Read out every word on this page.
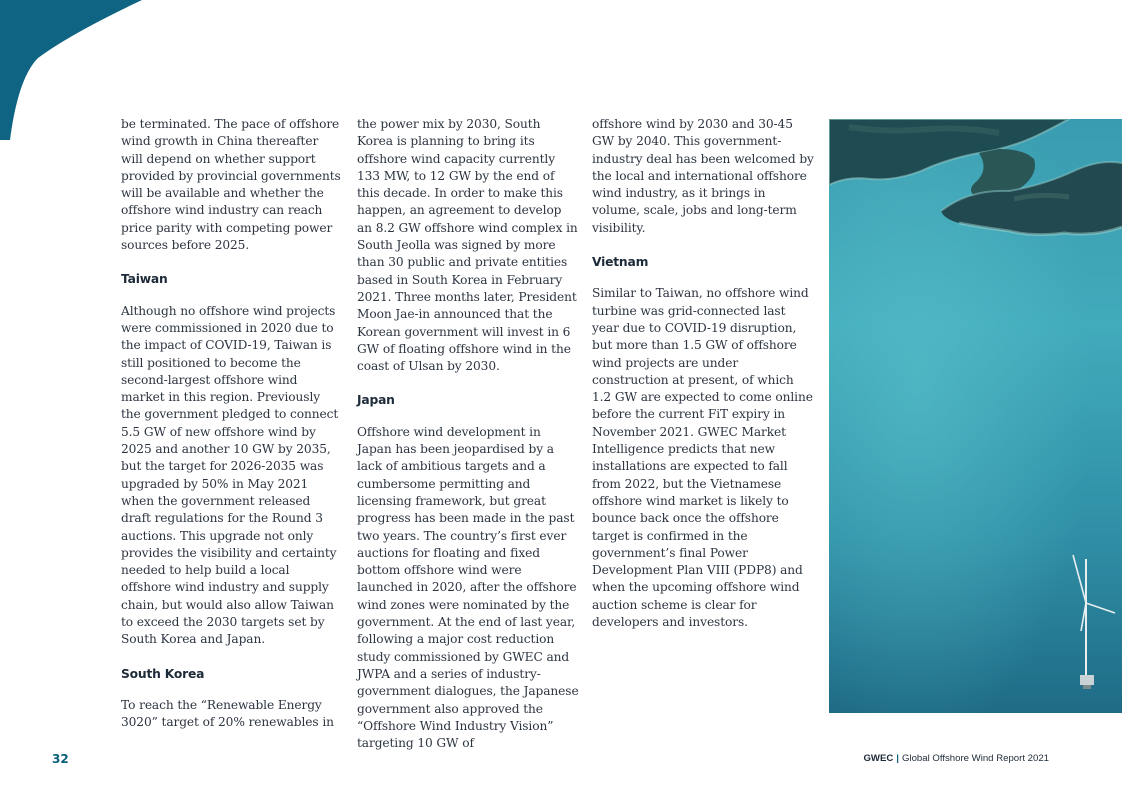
be terminated. The pace of offshore wind growth in China thereafter will depend on whether support provided by provincial governments will be available and whether the offshore wind industry can reach price parity with competing power sources before 2025.

Taiwan

Although no offshore wind projects were commissioned in 2020 due to the impact of COVID-19, Taiwan is still positioned to become the second-largest offshore wind market in this region. Previously the government pledged to connect 5.5 GW of new offshore wind by 2025 and another 10 GW by 2035, but the target for 2026-2035 was upgraded by 50% in May 2021 when the government released draft regulations for the Round 3 auctions. This upgrade not only provides the visibility and certainty needed to help build a local offshore wind industry and supply chain, but would also allow Taiwan to exceed the 2030 targets set by South Korea and Japan.

South Korea

To reach the “Renewable Energy 3020” target of 20% renewables in

the power mix by 2030, South Korea is planning to bring its offshore wind capacity currently 133 MW, to 12 GW by the end of this decade. In order to make this happen, an agreement to develop an 8.2 GW offshore wind complex in South Jeolla was signed by more than 30 public and private entities based in South Korea in February 2021. Three months later, President Moon Jae-in announced that the Korean government will invest in 6 GW of floating offshore wind in the coast of Ulsan by 2030.

Japan

Offshore wind development in Japan has been jeopardised by a lack of ambitious targets and a cumbersome permitting and licensing framework, but great progress has been made in the past two years. The country’s first ever auctions for floating and fixed bottom offshore wind were launched in 2020, after the offshore wind zones were nominated by the government. At the end of last year, following a major cost reduction study commissioned by GWEC and JWPA and a series of industry-government dialogues, the Japanese government also approved the “Offshore Wind Industry Vision” targeting 10 GW of

offshore wind by 2030 and 30-45 GW by 2040. This government-industry deal has been welcomed by the local and international offshore wind industry, as it brings in volume, scale, jobs and long-term visibility.

Vietnam

Similar to Taiwan, no offshore wind turbine was grid-connected last year due to COVID-19 disruption, but more than 1.5 GW of offshore wind projects are under construction at present, of which 1.2 GW are expected to come online before the current FiT expiry in November 2021. GWEC Market Intelligence predicts that new installations are expected to fall from 2022, but the Vietnamese offshore wind market is likely to bounce back once the offshore target is confirmed in the government’s final Power Development Plan VIII (PDP8) and when the upcoming offshore wind auction scheme is clear for developers and investors.

32	GWEC | Global Offshore Wind Report 2021
